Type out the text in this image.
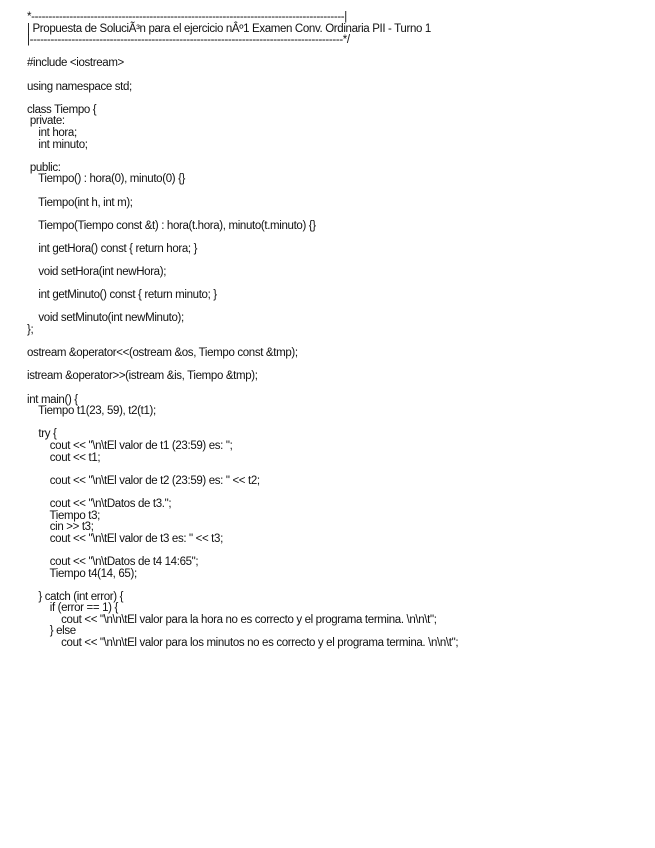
*------------------------------------------------------------------------------------------|
| Propuesta de SoluciÃ³n para el ejercicio nÂº1 Examen Conv. Ordinaria PII - Turno 1
|------------------------------------------------------------------------------------------*/
#include <iostream>
using namespace std;
class Tiempo {
private:
int hora;
int minuto;
public:
Tiempo() : hora(0), minuto(0) {}
Tiempo(int h, int m);
Tiempo(Tiempo const &t) : hora(t.hora), minuto(t.minuto) {}
int getHora() const { return hora; }
void setHora(int newHora);
int getMinuto() const { return minuto; }
void setMinuto(int newMinuto);
};
ostream &operator<<(ostream &os, Tiempo const &tmp);
istream &operator>>(istream &is, Tiempo &tmp);
int main() {
Tiempo t1(23, 59), t2(t1);
try {
cout << "\n\tEl valor de t1 (23:59) es: ";
cout << t1;
cout << "\n\tEl valor de t2 (23:59) es: " << t2;
cout << "\n\tDatos de t3.";
Tiempo t3;
cin >> t3;
cout << "\n\tEl valor de t3 es: " << t3;
cout << "\n\tDatos de t4 14:65";
Tiempo t4(14, 65);
} catch (int error) {
if (error == 1) {
cout << "\n\n\tEl valor para la hora no es correcto y el programa termina. \n\n\t";
} else
cout << "\n\n\tEl valor para los minutos no es correcto y el programa termina. \n\n\t";
